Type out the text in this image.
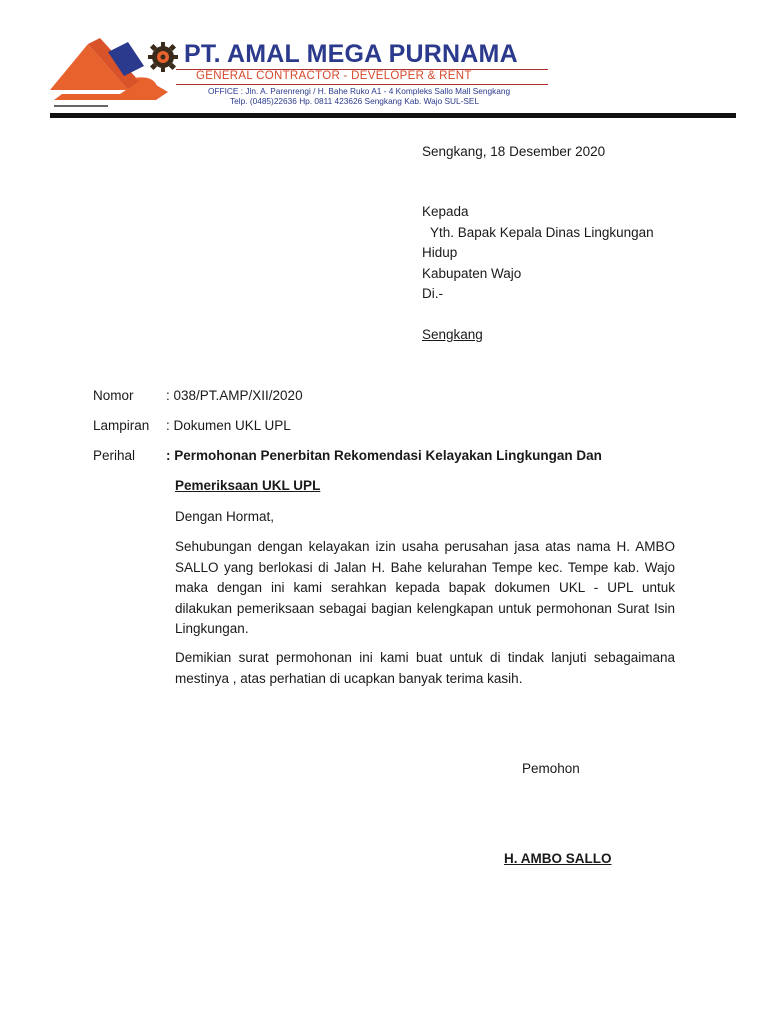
PT. AMAL MEGA PURNAMA
GENERAL CONTRACTOR - DEVELOPER & RENT
OFFICE : Jln. A. Parenrengi / H. Bahe Ruko A1 - 4 Kompleks Sallo Mall Sengkang
Telp. (0485)22636 Hp. 0811 423626 Sengkang Kab. Wajo SUL-SEL
Sengkang, 18 Desember 2020
Kepada
Yth. Bapak Kepala Dinas Lingkungan
Hidup
Kabupaten Wajo
Di.-
Sengkang
Nomor : 038/PT.AMP/XII/2020
Lampiran : Dokumen UKL UPL
Perihal : Permohonan Penerbitan Rekomendasi Kelayakan Lingkungan Dan
Pemeriksaan UKL UPL
Dengan Hormat,
Sehubungan dengan kelayakan izin usaha perusahan jasa atas nama H. AMBO SALLO yang berlokasi di Jalan H. Bahe kelurahan Tempe kec. Tempe kab. Wajo maka dengan ini kami serahkan kepada bapak dokumen UKL - UPL untuk dilakukan pemeriksaan sebagai bagian kelengkapan untuk permohonan Surat Isin Lingkungan.
Demikian surat permohonan ini kami buat untuk di tindak lanjuti sebagaimana mestinya , atas perhatian di ucapkan banyak terima kasih.
Pemohon
H. AMBO SALLO
